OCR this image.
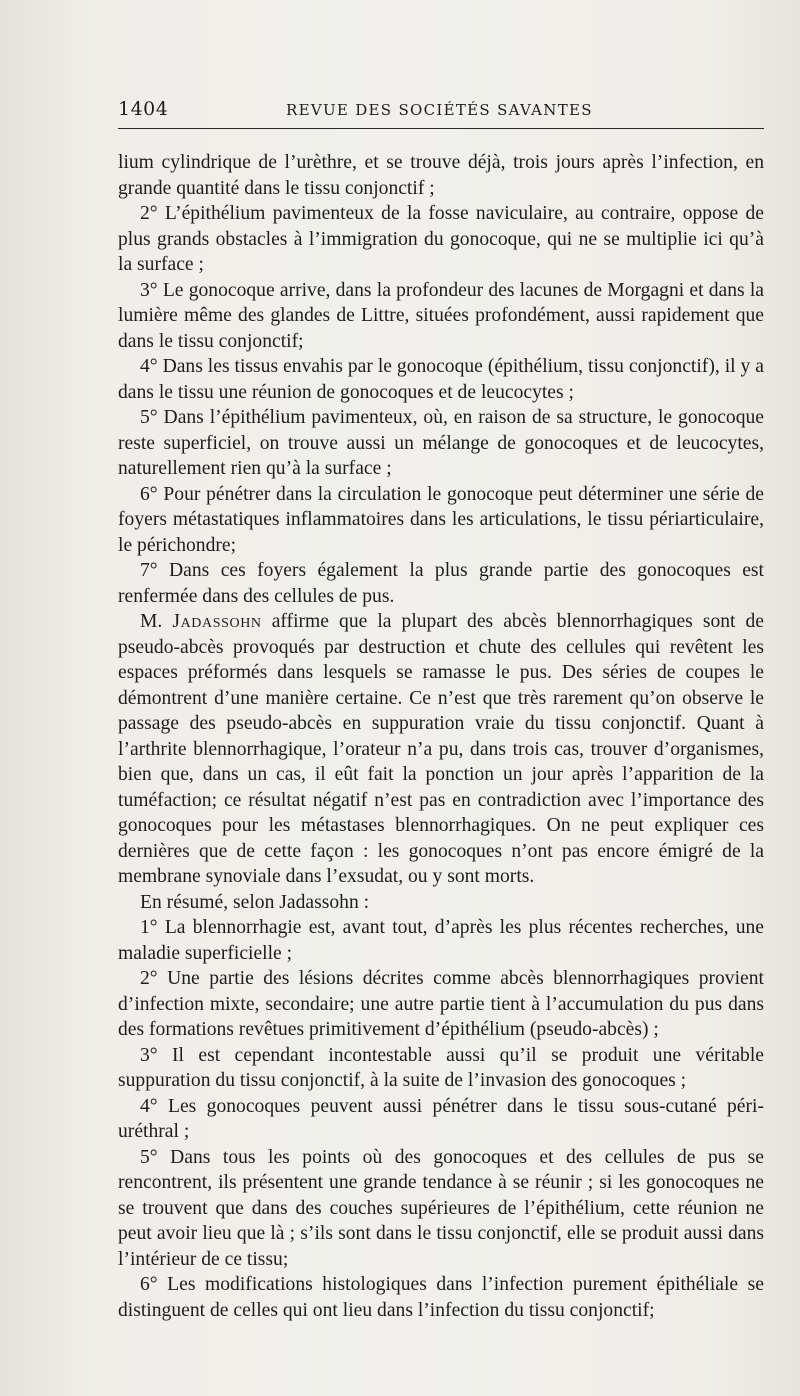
1404	REVUE DES SOCIÉTÉS SAVANTES

lium cylindrique de l’urèthre, et se trouve déjà, trois jours après l’infection, en grande quantité dans le tissu conjonctif ;

2° L’épithélium pavimenteux de la fosse naviculaire, au contraire, oppose de plus grands obstacles à l’immigration du gonocoque, qui ne se multiplie ici qu’à la surface ;

3° Le gonocoque arrive, dans la profondeur des lacunes de Morgagni et dans la lumière même des glandes de Littre, situées profondément, aussi rapidement que dans le tissu conjonctif;

4° Dans les tissus envahis par le gonocoque (épithélium, tissu conjonctif), il y a dans le tissu une réunion de gonocoques et de leucocytes ;

5° Dans l’épithélium pavimenteux, où, en raison de sa structure, le gonocoque reste superficiel, on trouve aussi un mélange de gonocoques et de leucocytes, naturellement rien qu’à la surface ;

6° Pour pénétrer dans la circulation le gonocoque peut déterminer une série de foyers métastatiques inflammatoires dans les articulations, le tissu périarticulaire, le périchondre;

7° Dans ces foyers également la plus grande partie des gonocoques est renfermée dans des cellules de pus.

M. Jadassohn affirme que la plupart des abcès blennorrhagiques sont de pseudo-abcès provoqués par destruction et chute des cellules qui revêtent les espaces préformés dans lesquels se ramasse le pus. Des séries de coupes le démontrent d’une manière certaine. Ce n’est que très rarement qu’on observe le passage des pseudo-abcès en suppuration vraie du tissu conjonctif. Quant à l’arthrite blennorrhagique, l’orateur n’a pu, dans trois cas, trouver d’organismes, bien que, dans un cas, il eût fait la ponction un jour après l’apparition de la tuméfaction; ce résultat négatif n’est pas en contradiction avec l’importance des gonocoques pour les métastases blennorrhagiques. On ne peut expliquer ces dernières que de cette façon : les gonocoques n’ont pas encore émigré de la membrane synoviale dans l’exsudat, ou y sont morts.

En résumé, selon Jadassohn :

1° La blennorrhagie est, avant tout, d’après les plus récentes recherches, une maladie superficielle ;

2° Une partie des lésions décrites comme abcès blennorrhagiques provient d’infection mixte, secondaire; une autre partie tient à l’accumulation du pus dans des formations revêtues primitivement d’épithélium (pseudo-abcès) ;

3° Il est cependant incontestable aussi qu’il se produit une véritable suppuration du tissu conjonctif, à la suite de l’invasion des gonocoques ;

4° Les gonocoques peuvent aussi pénétrer dans le tissu sous-cutané péri-uréthral ;

5° Dans tous les points où des gonocoques et des cellules de pus se rencontrent, ils présentent une grande tendance à se réunir ; si les gonocoques ne se trouvent que dans des couches supérieures de l’épithélium, cette réunion ne peut avoir lieu que là ; s’ils sont dans le tissu conjonctif, elle se produit aussi dans l’intérieur de ce tissu;

6° Les modifications histologiques dans l’infection purement épithéliale se distinguent de celles qui ont lieu dans l’infection du tissu conjonctif;
